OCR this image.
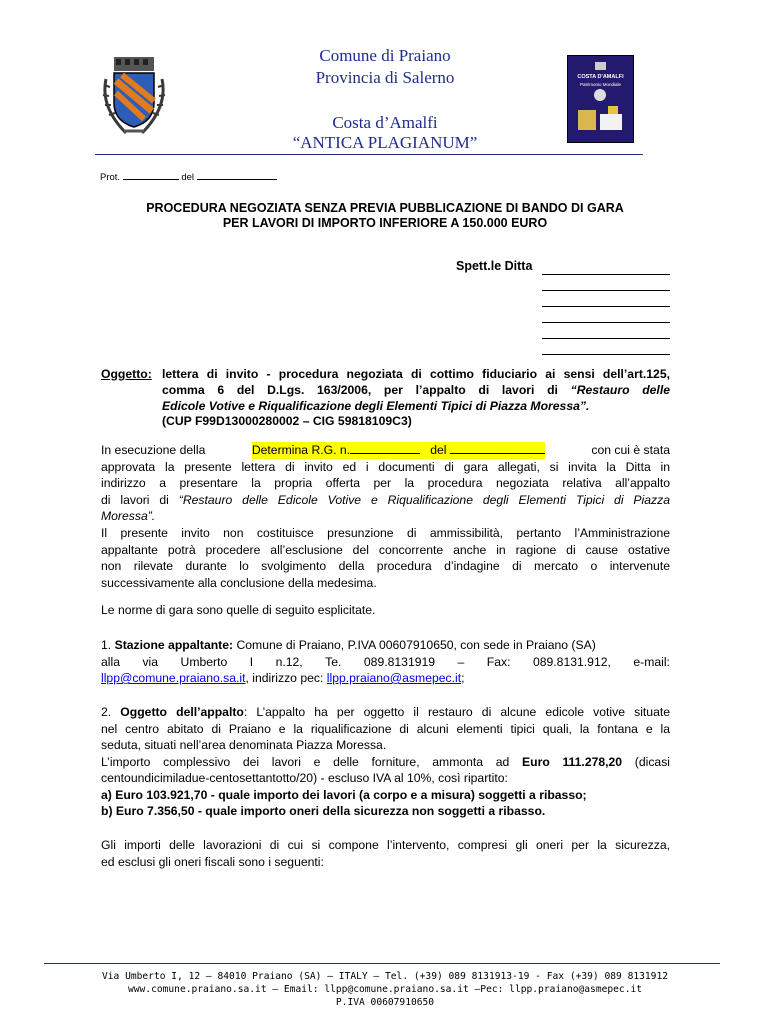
Comune di Praiano
Provincia di Salerno
Costa d’Amalfi
“ANTICA PLAGIANUM”
COSTA D'AMALFI
Patrimonio Mondiale
Prot.	del
PROCEDURA NEGOZIATA SENZA PREVIA PUBBLICAZIONE DI BANDO DI GARA
PER LAVORI DI IMPORTO INFERIORE A 150.000 EURO
Spett.le Ditta
Oggetto: lettera di invito - procedura negoziata di cottimo fiduciario ai sensi dell’art.125,
comma 6 del D.Lgs. 163/2006, per l’appalto di lavori di “Restauro delle
Edicole Votive e Riqualificazione degli Elementi Tipici di Piazza Moressa”.
(CUP F99D13000280002 – CIG 59818109C3)
In esecuzione della	Determina R.G. n.	del	con cui è stata
approvata la presente lettera di invito ed i documenti di gara allegati, si invita la Ditta in
indirizzo a presentare la propria offerta per la procedura negoziata relativa all’appalto
di lavori di “Restauro delle Edicole Votive e Riqualificazione degli Elementi Tipici di Piazza
Moressa”.
Il presente invito non costituisce presunzione di ammissibilità, pertanto l’Amministrazione
appaltante potrà procedere all’esclusione del concorrente anche in ragione di cause ostative
non rilevate durante lo svolgimento della procedura d’indagine di mercato o intervenute
successivamente alla conclusione della medesima.
Le norme di gara sono quelle di seguito esplicitate.
1. Stazione appaltante: Comune di Praiano, P.IVA 00607910650, con sede in Praiano (SA)
alla via Umberto I n.12, Te. 089.8131919 – Fax: 089.8131.912, e-mail:
llpp@comune.praiano.sa.it, indirizzo pec: llpp.praiano@asmepec.it;
2. Oggetto dell’appalto: L’appalto ha per oggetto il restauro di alcune edicole votive situate
nel centro abitato di Praiano e la riqualificazione di alcuni elementi tipici quali, la fontana e la
seduta, situati nell’area denominata Piazza Moressa.
L’importo complessivo dei lavori e delle forniture, ammonta ad Euro 111.278,20 (dicasi
centoundicimiladue-centosettantotto/20) - escluso IVA al 10%, così ripartito:
a) Euro 103.921,70 - quale importo dei lavori (a corpo e a misura) soggetti a ribasso;
b) Euro 7.356,50 - quale importo oneri della sicurezza non soggetti a ribasso.
Gli importi delle lavorazioni di cui si compone l’intervento, compresi gli oneri per la sicurezza,
ed esclusi gli oneri fiscali sono i seguenti:
Via Umberto I, 12 – 84010 Praiano (SA) – ITALY – Tel. (+39) 089 8131913-19 - Fax (+39) 089 8131912
www.comune.praiano.sa.it – Email: llpp@comune.praiano.sa.it –Pec: llpp.praiano@asmepec.it
P.IVA 00607910650
